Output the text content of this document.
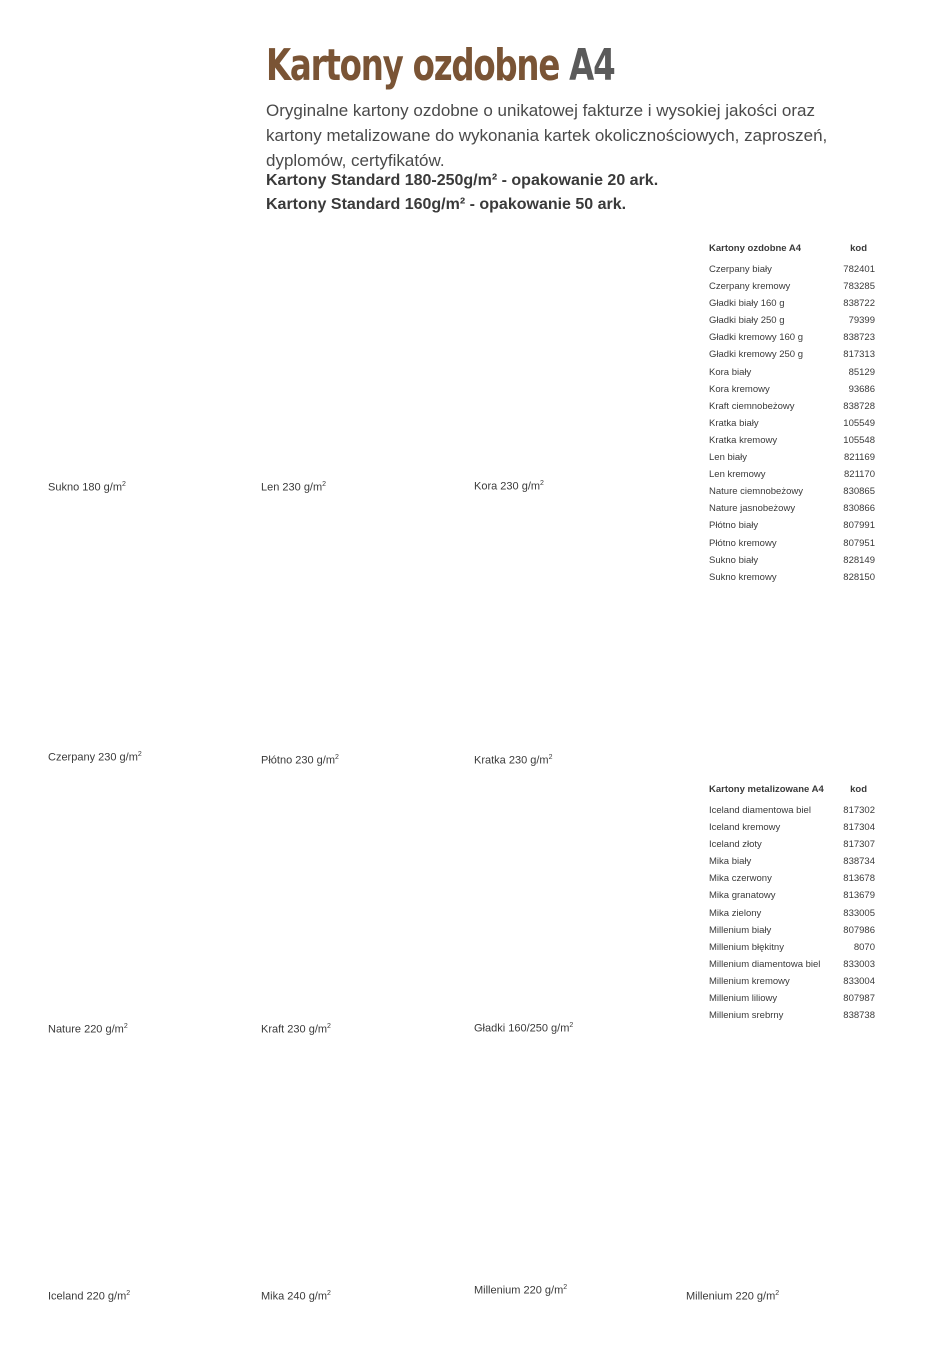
Kartony ozdobne A4
Oryginalne kartony ozdobne o unikatowej fakturze i wysokiej jakości oraz kartony metalizowane do wykonania kartek okolicznościowych, zaproszeń, dyplomów, certyfikatów.
Kartony Standard 180-250g/m² - opakowanie 20 ark.
Kartony Standard 160g/m² - opakowanie 50 ark.
Sukno 180 $g/m^2$	Len 230 $g/m^2$	Kora 230 $g/m^2$
Czerpany 230 $g/m^2$
Płótno 230 $g/m^2$	Kratka 230 $g/m^2$
Nature 220 $g/m^2$	Kraft 230 $g/m^2$	Gładki 160/250 $g/m^2$
Iceland 220 $g/m^2$	Mika 240 $g/m^2$	Millenium 220 $g/m^2$
Millenium 220 $g/m^2$
Kartony ozdobne A4	kod
Czerpany biały	782401
Czerpany kremowy	783285
Gładki biały 160 g	838722
Gładki biały 250 g	79399
Gładki kremowy 160 g	838723
Gładki kremowy 250 g	817313
Kora biały	85129
Kora kremowy	93686
Kraft ciemnobeżowy	838728
Kratka biały	105549
Kratka kremowy	105548
Len biały	821169
Len kremowy	821170
Nature ciemnobeżowy	830865
Nature jasnobeżowy	830866
Płótno biały	807991
Płótno kremowy	807951
Sukno biały	828149
Sukno kremowy	828150
Kartony metalizowane A4	kod
Iceland diamentowa biel	817302
Iceland kremowy	817304
Iceland złoty	817307
Mika biały	838734
Mika czerwony	813678
Mika granatowy	813679
Mika zielony	833005
Millenium biały	807986
Millenium błękitny	8070
Millenium diamentowa biel 833003
Millenium kremowy	833004
Millenium liliowy	807987
Millenium srebrny	838738
